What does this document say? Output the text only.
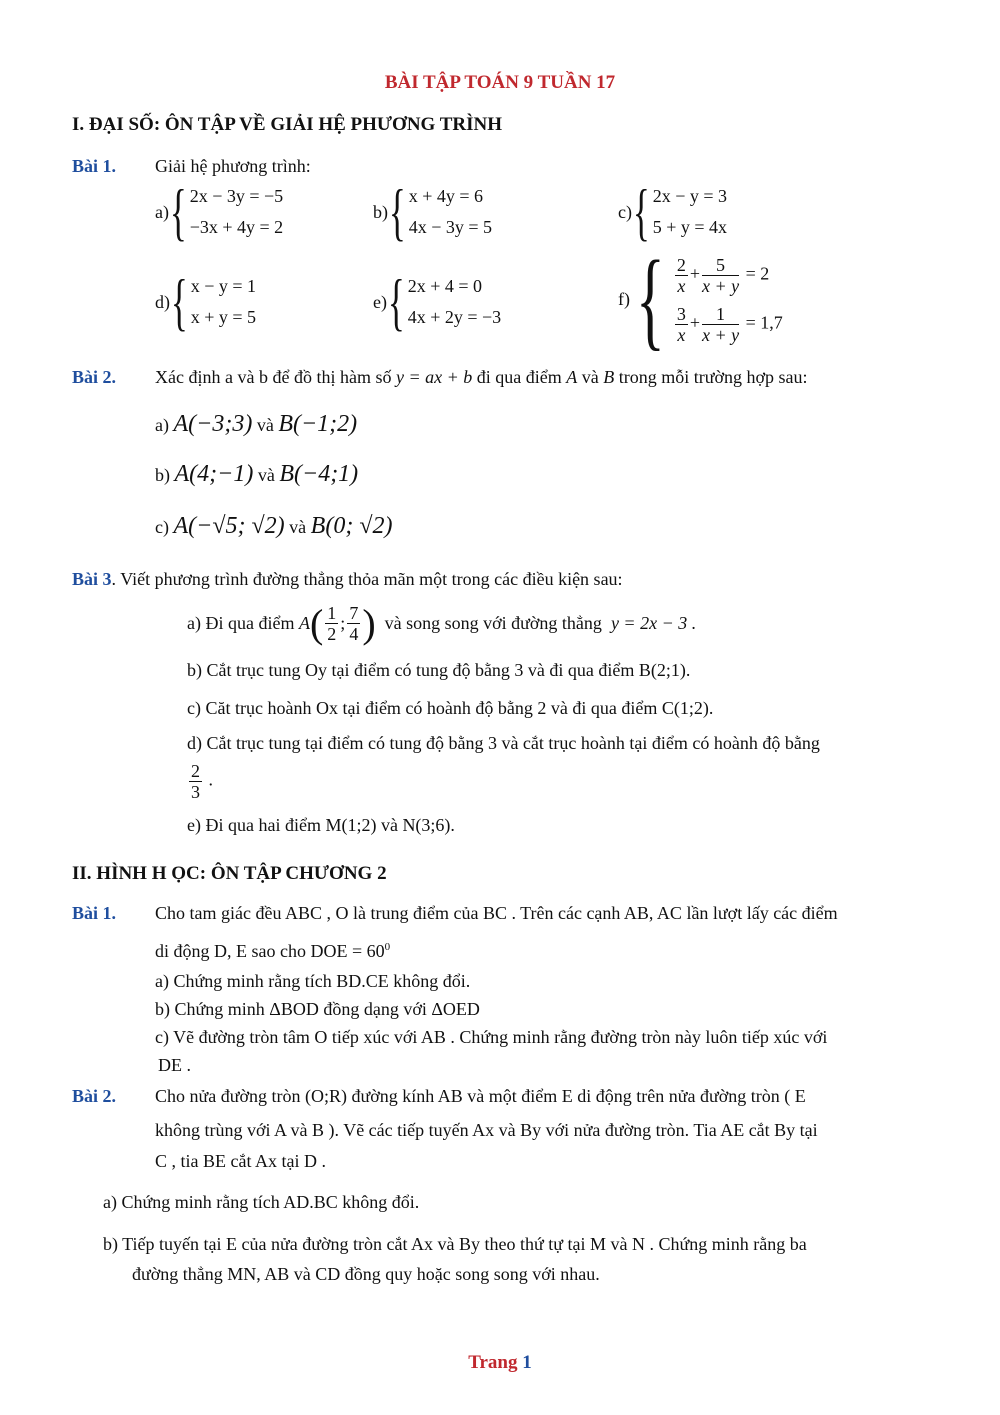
BÀI TẬP TOÁN 9 TUẦN 17
I. ĐẠI SỐ: ÔN TẬP VỀ GIẢI HỆ PHƯƠNG TRÌNH
Bài 1. Giải hệ phương trình:
a) { 2x − 3y = −5
−3x + 4y = 2
b) { x + 4y = 6
4x − 3y = 5
c) { 2x − y = 3
5 + y = 4x
d) { x − y = 1
x + y = 5
e) { 2x + 4 = 0
4x + 2y = −3
f) { $\frac{2}{x} + \frac{5}{x + y} = 2$
$\frac{3}{x} + \frac{1}{x + y} = 1,7$
Bài 2. Xác định a và b để đồ thị hàm số y = ax + b đi qua điểm A và B trong mỗi trường hợp sau:
a) A(−3;3) và B(−1;2)
b) A(4;−1) và B(−4;1)
c) A(−√5; √2) và B(0; √2)
Bài 3. Viết phương trình đường thẳng thỏa mãn một trong các điều kiện sau:
a) Đi qua điểm
A ( $\frac{1}{2}$ ; $\frac{7}{4}$ )
và song song với đường thẳng
y = 2x − 3 .
b) Cắt trục tung Oy tại điểm có tung độ bằng 3 và đi qua điểm B(2;1).
c) Căt trục hoành Ox tại điểm có hoành độ bằng 2 và đi qua điểm C(1;2).
d) Cắt trục tung tại điểm có tung độ bằng 3 và cắt trục hoành tại điểm có hoành độ bằng
$\frac{2}{3}$ .
e) Đi qua hai điểm M(1;2) và N(3;6).
II. HÌNH H ỌC: ÔN TẬP CHƯƠNG 2
Bài 1. Cho tam giác đều ABC , O là trung điểm của BC . Trên các cạnh AB, AC lần lượt lấy các điểm
di động D, E sao cho DOE = $60^0$
a) Chứng minh rằng tích BD.CE không đổi.
b) Chứng minh ΔBOD đồng dạng với ΔOED
c) Vẽ đường tròn tâm O tiếp xúc với AB . Chứng minh rằng đường tròn này luôn tiếp xúc với
DE .
Bài 2. Cho nửa đường tròn (O;R) đường kính AB và một điểm E di động trên nửa đường tròn ( E
không trùng với A và B ). Vẽ các tiếp tuyến Ax và By với nửa đường tròn. Tia AE cắt By tại
C , tia BE cắt Ax tại D .
a) Chứng minh rằng tích AD.BC không đổi.
b) Tiếp tuyến tại E của nửa đường tròn cắt Ax và By theo thứ tự tại M và N . Chứng minh rằng ba
đường thẳng MN, AB và CD đồng quy hoặc song song với nhau.
Trang 1
